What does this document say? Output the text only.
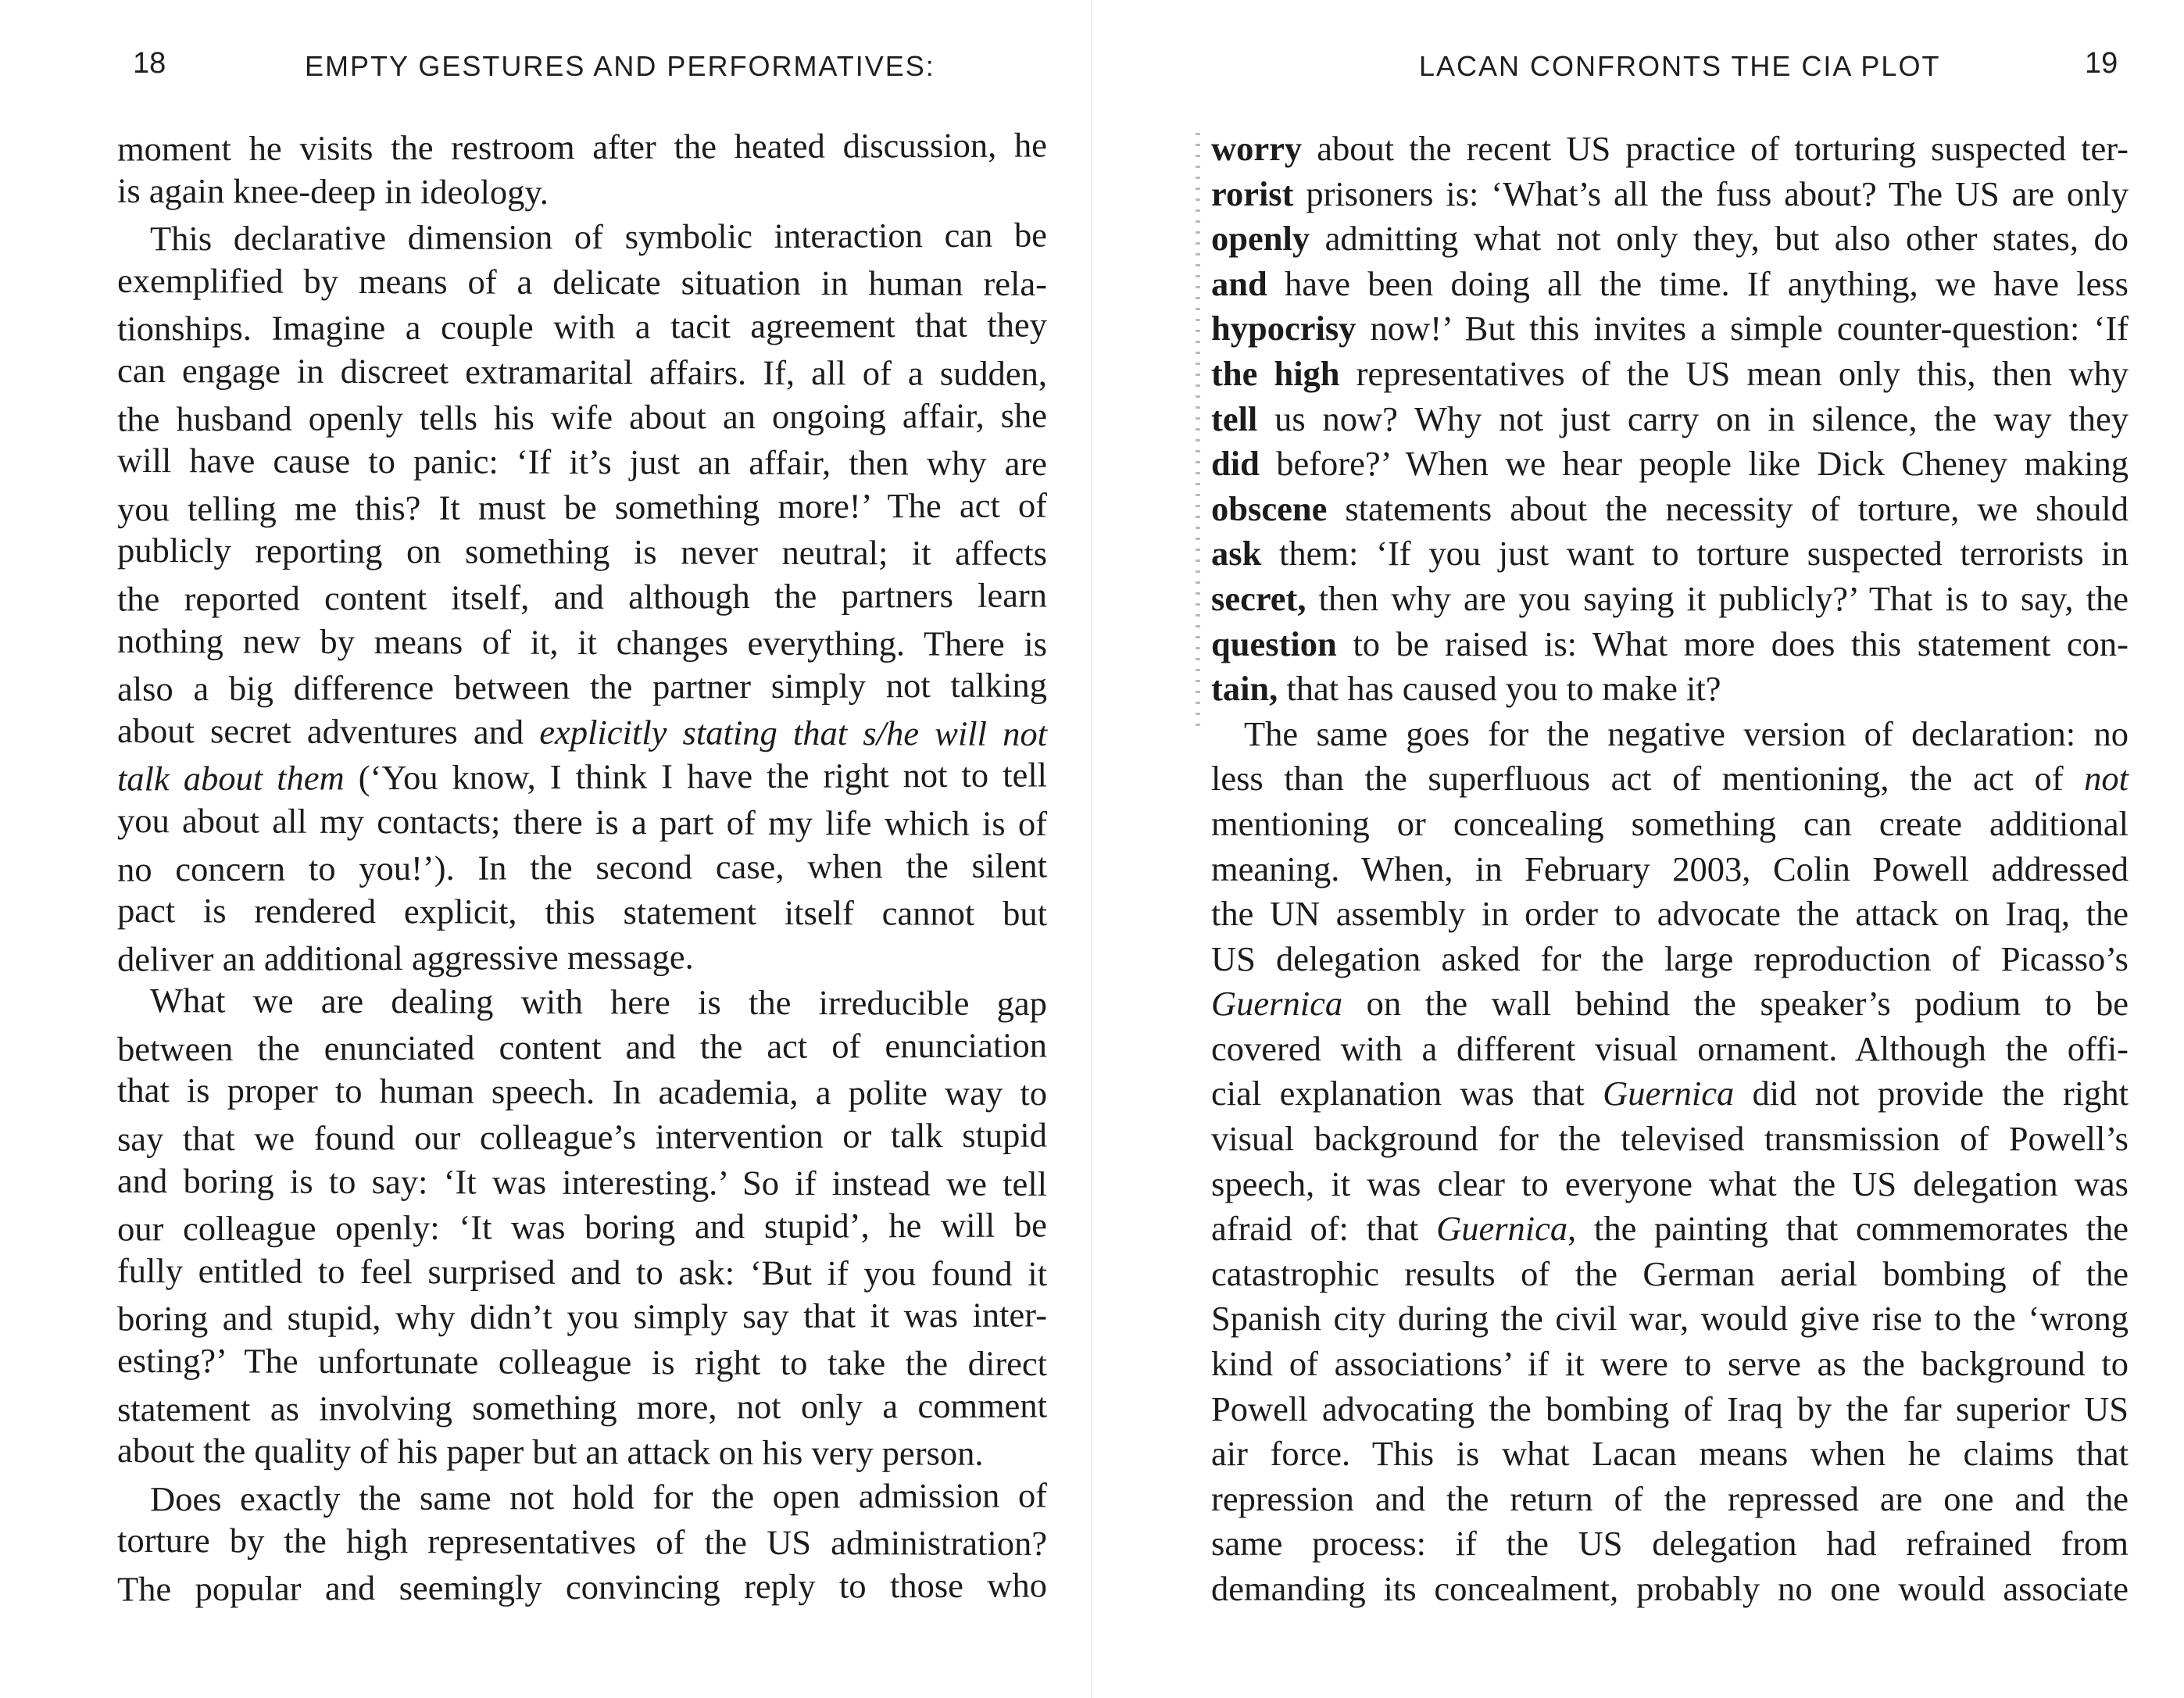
18	EMPTY GESTURES AND PERFORMATIVES:
moment he visits the restroom after the heated discussion, he
is again knee-deep in ideology.
This declarative dimension of symbolic interaction can be
exemplified by means of a delicate situation in human rela-
tionships. Imagine a couple with a tacit agreement that they
can engage in discreet extramarital affairs. If, all of a sudden,
the husband openly tells his wife about an ongoing affair, she
will have cause to panic: ‘If it’s just an affair, then why are
you telling me this? It must be something more!’ The act of
publicly reporting on something is never neutral; it affects
the reported content itself, and although the partners learn
nothing new by means of it, it changes everything. There is
also a big difference between the partner simply not talking
about secret adventures and explicitly stating that s/he will not
talk about them (‘You know, I think I have the right not to tell
you about all my contacts; there is a part of my life which is of
no concern to you!’). In the second case, when the silent
pact is rendered explicit, this statement itself cannot but
deliver an additional aggressive message.
What we are dealing with here is the irreducible gap
between the enunciated content and the act of enunciation
that is proper to human speech. In academia, a polite way to
say that we found our colleague’s intervention or talk stupid
and boring is to say: ‘It was interesting.’ So if instead we tell
our colleague openly: ‘It was boring and stupid’, he will be
fully entitled to feel surprised and to ask: ‘But if you found it
boring and stupid, why didn’t you simply say that it was inter-
esting?’ The unfortunate colleague is right to take the direct
statement as involving something more, not only a comment
about the quality of his paper but an attack on his very person.
Does exactly the same not hold for the open admission of
torture by the high representatives of the US administration?
The popular and seemingly convincing reply to those who
LACAN CONFRONTS THE CIA PLOT	19
worry about the recent US practice of torturing suspected ter-
rorist prisoners is: ‘What’s all the fuss about? The US are only
openly admitting what not only they, but also other states, do
and have been doing all the time. If anything, we have less
hypocrisy now!’ But this invites a simple counter-question: ‘If
the high representatives of the US mean only this, then why
tell us now? Why not just carry on in silence, the way they
did before?’ When we hear people like Dick Cheney making
obscene statements about the necessity of torture, we should
ask them: ‘If you just want to torture suspected terrorists in
secret, then why are you saying it publicly?’ That is to say, the
question to be raised is: What more does this statement con-
tain, that has caused you to make it?
The same goes for the negative version of declaration: no
less than the superfluous act of mentioning, the act of not
mentioning or concealing something can create additional
meaning. When, in February 2003, Colin Powell addressed
the UN assembly in order to advocate the attack on Iraq, the
US delegation asked for the large reproduction of Picasso’s
Guernica on the wall behind the speaker’s podium to be
covered with a different visual ornament. Although the offi-
cial explanation was that Guernica did not provide the right
visual background for the televised transmission of Powell’s
speech, it was clear to everyone what the US delegation was
afraid of: that Guernica, the painting that commemorates the
catastrophic results of the German aerial bombing of the
Spanish city during the civil war, would give rise to the ‘wrong
kind of associations’ if it were to serve as the background to
Powell advocating the bombing of Iraq by the far superior US
air force. This is what Lacan means when he claims that
repression and the return of the repressed are one and the
same process: if the US delegation had refrained from
demanding its concealment, probably no one would associate
